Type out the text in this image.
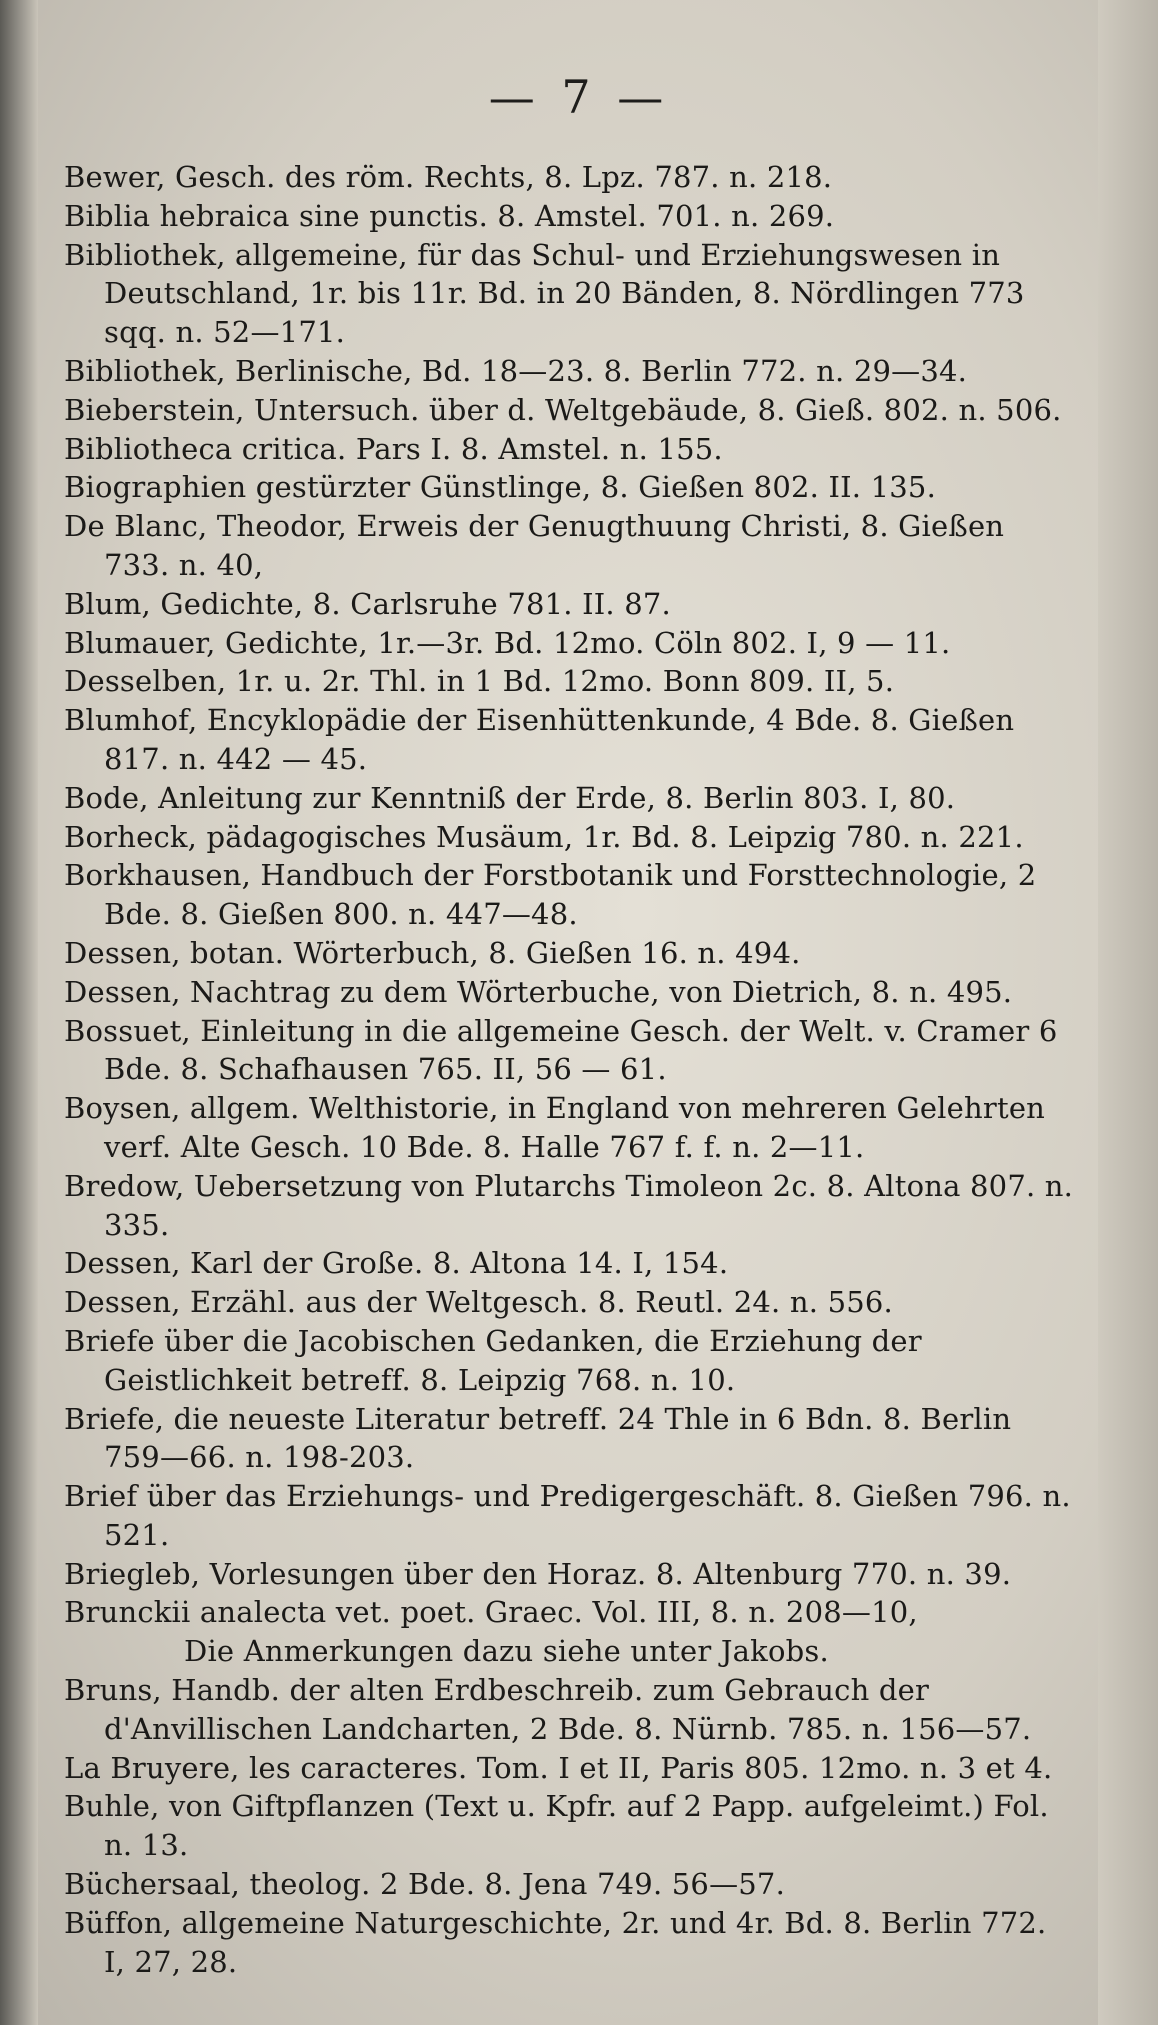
— 7 —
Bewer, Gesch. des röm. Rechts, 8. Lpz. 787. n. 218.
Biblia hebraica sine punctis. 8. Amstel. 701. n. 269.
Bibliothek, allgemeine, für das Schul- und Erziehungswesen in Deutschland, 1r. bis 11r. Bd. in 20 Bänden, 8. Nördlingen 773 sqq. n. 52—171.
Bibliothek, Berlinische, Bd. 18—23. 8. Berlin 772. n. 29—34.
Bieberstein, Untersuch. über d. Weltgebäude, 8. Gieß. 802. n. 506.
Bibliotheca critica. Pars I. 8. Amstel. n. 155.
Biographien gestürzter Günstlinge, 8. Gießen 802. II. 135.
De Blanc, Theodor, Erweis der Genugthuung Christi, 8. Gießen 733. n. 40,
Blum, Gedichte, 8. Carlsruhe 781. II. 87.
Blumauer, Gedichte, 1r.—3r. Bd. 12mo. Cöln 802. I, 9 — 11.
Desselben, 1r. u. 2r. Thl. in 1 Bd. 12mo. Bonn 809. II, 5.
Blumhof, Encyklopädie der Eisenhüttenkunde, 4 Bde. 8. Gießen 817. n. 442 — 45.
Bode, Anleitung zur Kenntniß der Erde, 8. Berlin 803. I, 80.
Borheck, pädagogisches Musäum, 1r. Bd. 8. Leipzig 780. n. 221.
Borkhausen, Handbuch der Forstbotanik und Forsttechnologie, 2 Bde. 8. Gießen 800. n. 447—48.
Dessen, botan. Wörterbuch, 8. Gießen 16. n. 494.
Dessen, Nachtrag zu dem Wörterbuche, von Dietrich, 8. n. 495.
Bossuet, Einleitung in die allgemeine Gesch. der Welt. v. Cramer 6 Bde. 8. Schafhausen 765. II, 56 — 61.
Boysen, allgem. Welthistorie, in England von mehreren Gelehrten verf. Alte Gesch. 10 Bde. 8. Halle 767 f. f. n. 2—11.
Bredow, Uebersetzung von Plutarchs Timoleon 2c. 8. Altona 807. n. 335.
Dessen, Karl der Große. 8. Altona 14. I, 154.
Dessen, Erzähl. aus der Weltgesch. 8. Reutl. 24. n. 556.
Briefe über die Jacobischen Gedanken, die Erziehung der Geistlichkeit betreff. 8. Leipzig 768. n. 10.
Briefe, die neueste Literatur betreff. 24 Thle in 6 Bdn. 8. Berlin 759—66. n. 198-203.
Brief über das Erziehungs- und Predigergeschäft. 8. Gießen 796. n. 521.
Briegleb, Vorlesungen über den Horaz. 8. Altenburg 770. n. 39.
Brunckii analecta vet. poet. Graec. Vol. III, 8. n. 208—10,
Die Anmerkungen dazu siehe unter Jakobs.
Bruns, Handb. der alten Erdbeschreib. zum Gebrauch der d'Anvillischen Landcharten, 2 Bde. 8. Nürnb. 785. n. 156—57.
La Bruyere, les caracteres. Tom. I et II, Paris 805. 12mo. n. 3 et 4.
Buhle, von Giftpflanzen (Text u. Kpfr. auf 2 Papp. aufgeleimt.) Fol. n. 13.
Büchersaal, theolog. 2 Bde. 8. Jena 749. 56—57.
Büffon, allgemeine Naturgeschichte, 2r. und 4r. Bd. 8. Berlin 772. I, 27, 28.
